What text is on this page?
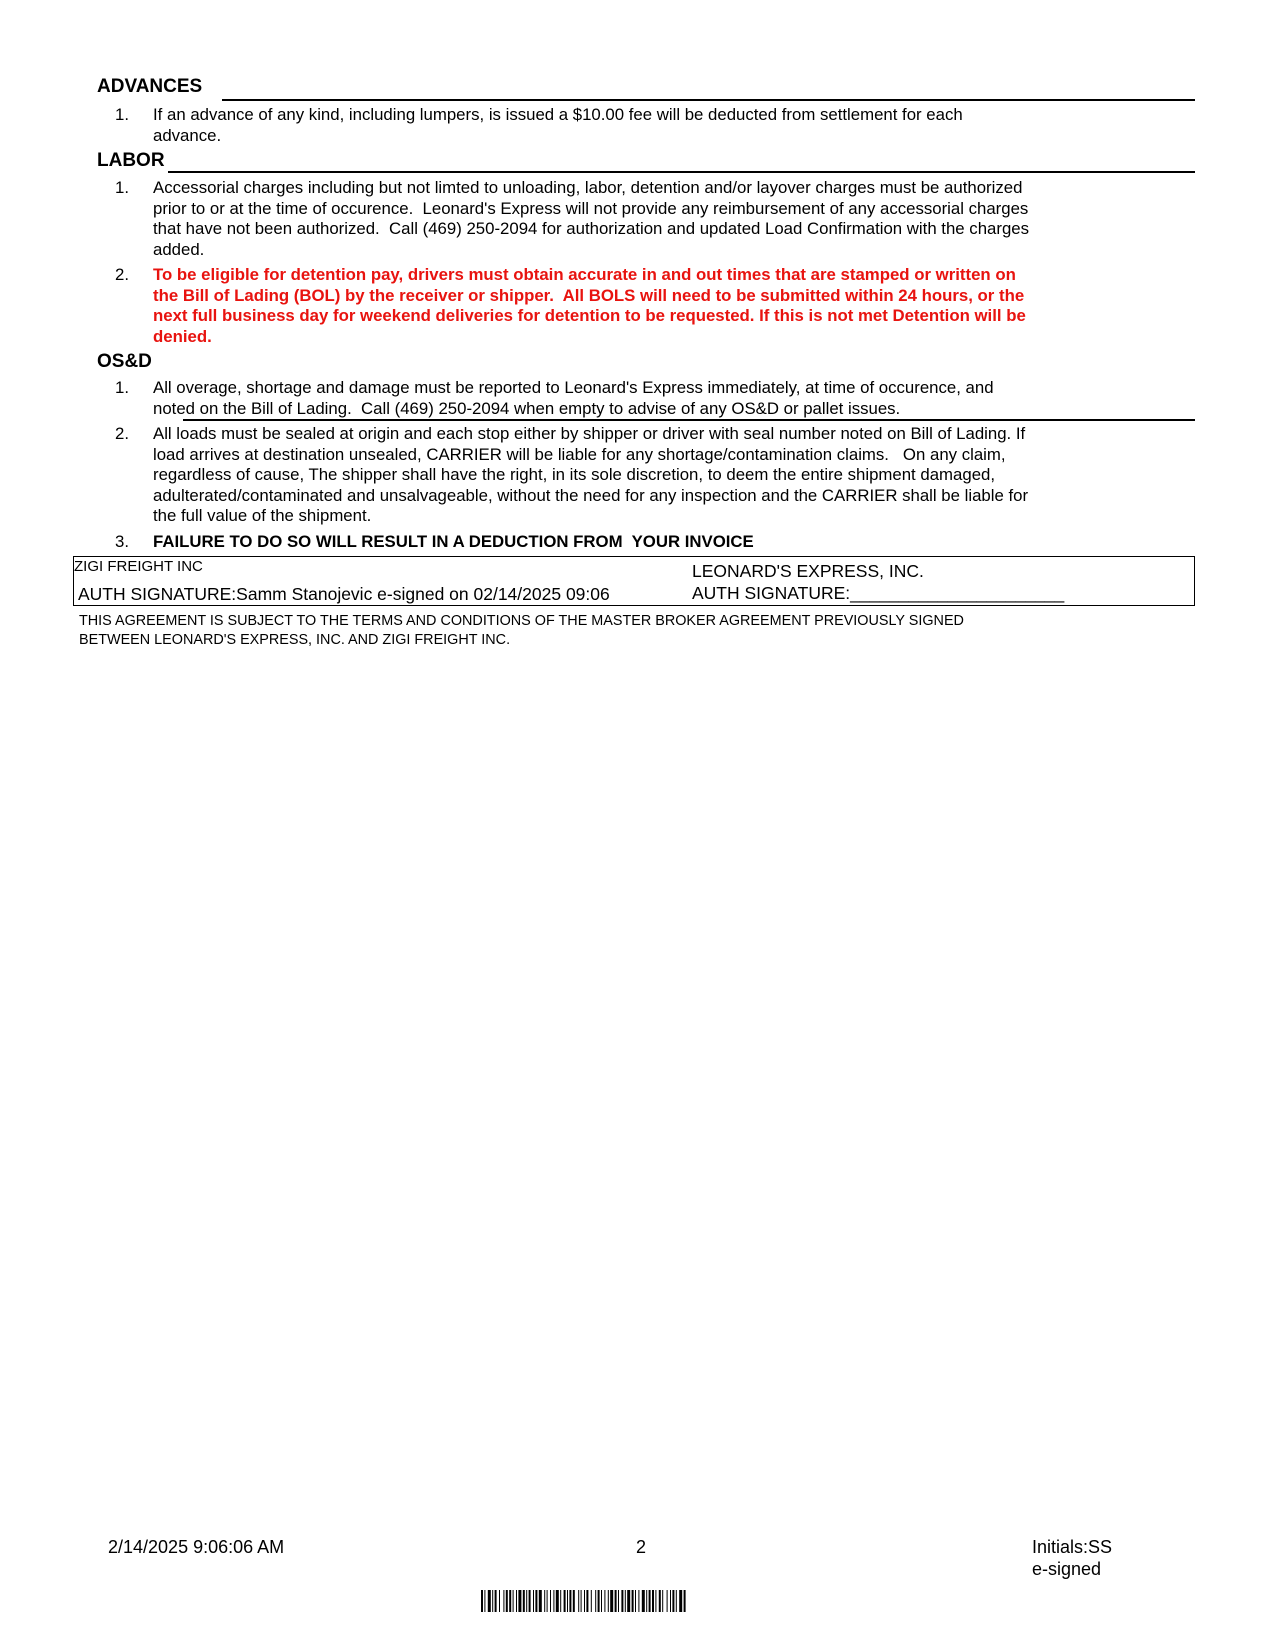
ADVANCES
1.	If an advance of any kind, including lumpers, is issued a $10.00 fee will be deducted from settlement for each
advance.
LABOR
1.	Accessorial charges including but not limted to unloading, labor, detention and/or layover charges must be authorized
prior to or at the time of occurence.  Leonard's Express will not provide any reimbursement of any accessorial charges
that have not been authorized.  Call (469) 250-2094 for authorization and updated Load Confirmation with the charges
added.
2.	To be eligible for detention pay, drivers must obtain accurate in and out times that are stamped or written on
the Bill of Lading (BOL) by the receiver or shipper.  All BOLS will need to be submitted within 24 hours, or the
next full business day for weekend deliveries for detention to be requested. If this is not met Detention will be
denied.
OS&D
1.	All overage, shortage and damage must be reported to Leonard's Express immediately, at time of occurence, and
noted on the Bill of Lading.  Call (469) 250-2094 when empty to advise of any OS&D or pallet issues.
2.	All loads must be sealed at origin and each stop either by shipper or driver with seal number noted on Bill of Lading. If
load arrives at destination unsealed, CARRIER will be liable for any shortage/contamination claims.   On any claim,
regardless of cause, The shipper shall have the right, in its sole discretion, to deem the entire shipment damaged,
adulterated/contaminated and unsalvageable, without the need for any inspection and the CARRIER shall be liable for
the full value of the shipment.
3.	FAILURE TO DO SO WILL RESULT IN A DEDUCTION FROM  YOUR INVOICE
ZIGI FREIGHT INC
AUTH SIGNATURE:Samm Stanojevic e-signed on 02/14/2025 09:06
LEONARD'S EXPRESS, INC.
AUTH SIGNATURE:______________________
THIS AGREEMENT IS SUBJECT TO THE TERMS AND CONDITIONS OF THE MASTER BROKER AGREEMENT PREVIOUSLY SIGNED
BETWEEN LEONARD'S EXPRESS, INC. AND ZIGI FREIGHT INC.
2/14/2025 9:06:06 AM	2	Initials:SS
e-signed
